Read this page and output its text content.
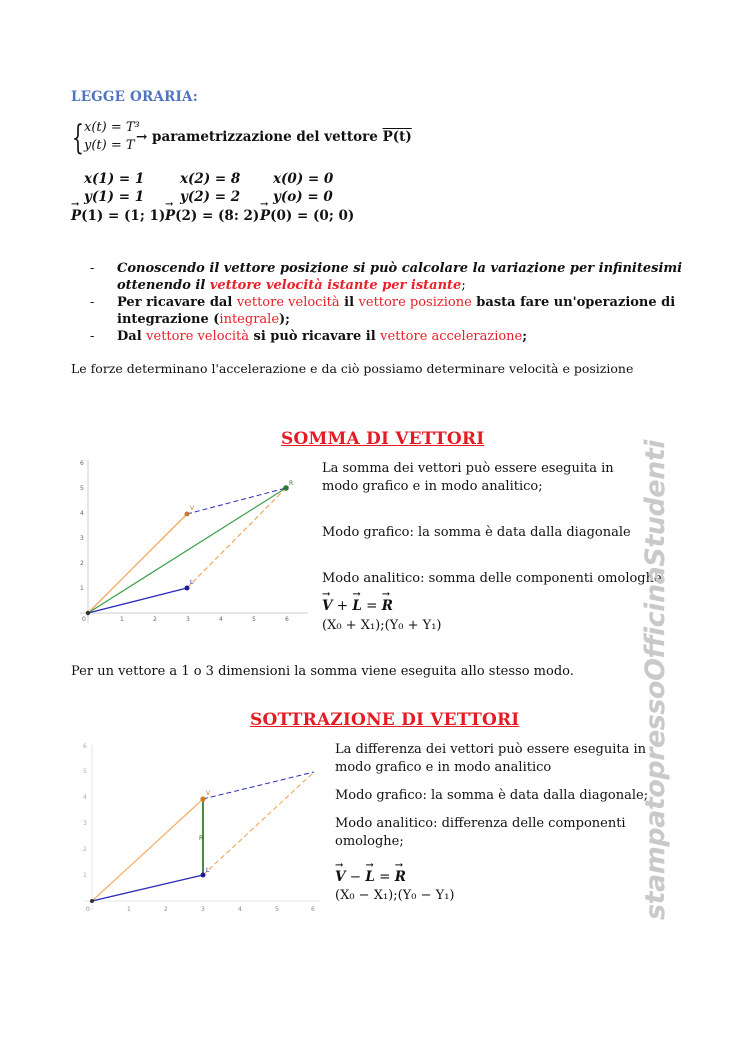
LEGGE ORARIA:
{ x(t) = T³
y(t) = T
→ parametrizzazione del vettore P(t)
x(1) = 1	x(2) = 8 x(0) = 0
y(1) = 1	y(2) = 2 y(o) = 0
→ P(1) = (1; 1) → P(2) = (8: 2) → P(0) = (0; 0)
- Conoscendo il vettore posizione si può calcolare la variazione per infinitesimi ottenendo il vettore velocità istante per istante;
- Per ricavare dal vettore velocità il vettore posizione basta fare un'operazione di integrazione (integrale);
- Dal vettore velocità si può ricavare il vettore accelerazione;
Le forze determinano l'accelerazione e da ciò possiamo determinare velocità e posizione
SOMMA DI VETTORI
0	1	2	3	4	5	6
1
2
3
4
5
6
V
L
R
La somma dei vettori può essere eseguita in modo grafico e in modo analitico;
Modo grafico: la somma è data dalla diagonale
Modo analitico: somma delle componenti omologhe
→ V + → L = → R
(X₀ + X₁);(Y₀ + Y₁)
Per un vettore a 1 o 3 dimensioni la somma viene eseguita allo stesso modo.
SOTTRAZIONE DI VETTORI
0	1	2	3	4	5	6
1
2
3
4
5
6
V
L
R
La differenza dei vettori può essere eseguita in modo grafico e in modo analitico
Modo grafico: la somma è data dalla diagonale;
Modo analitico: differenza delle componenti omologhe;
→ V − → L = → R
(X₀ − X₁);(Y₀ − Y₁)	stampatopressoOfficinaStudenti
